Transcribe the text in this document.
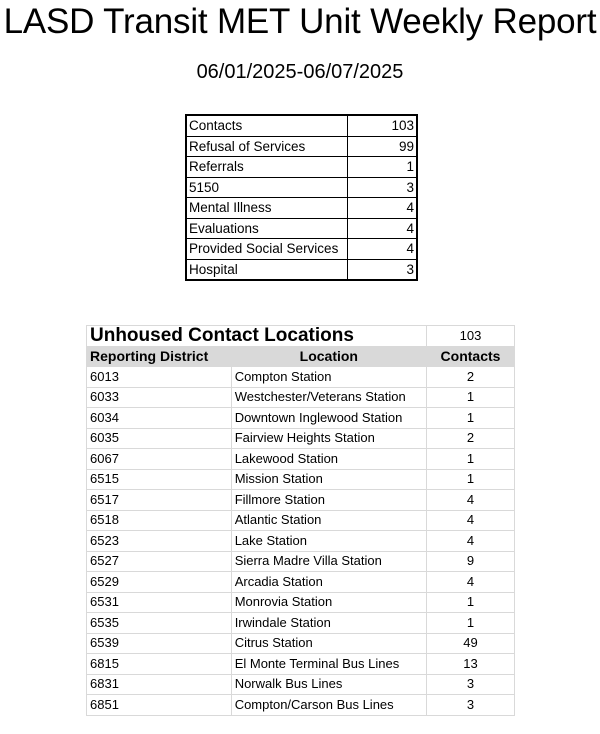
LASD Transit MET Unit Weekly Report
06/01/2025-06/07/2025
Contacts	103
Refusal of Services	99
Referrals	1
5150	3
Mental Illness	4
Evaluations	4
Provided Social Services	4
Hospital	3
Unhoused Contact Locations		103
Reporting District	Location	Contacts
6013	Compton Station	2
6033	Westchester/Veterans Station	1
6034	Downtown Inglewood Station	1
6035	Fairview Heights Station	2
6067	Lakewood Station	1
6515	Mission Station	1
6517	Fillmore Station	4
6518	Atlantic Station	4
6523	Lake Station	4
6527	Sierra Madre Villa Station	9
6529	Arcadia Station	4
6531	Monrovia Station	1
6535	Irwindale Station	1
6539	Citrus Station	49
6815	El Monte Terminal Bus Lines	13
6831	Norwalk Bus Lines	3
6851	Compton/Carson Bus Lines	3
